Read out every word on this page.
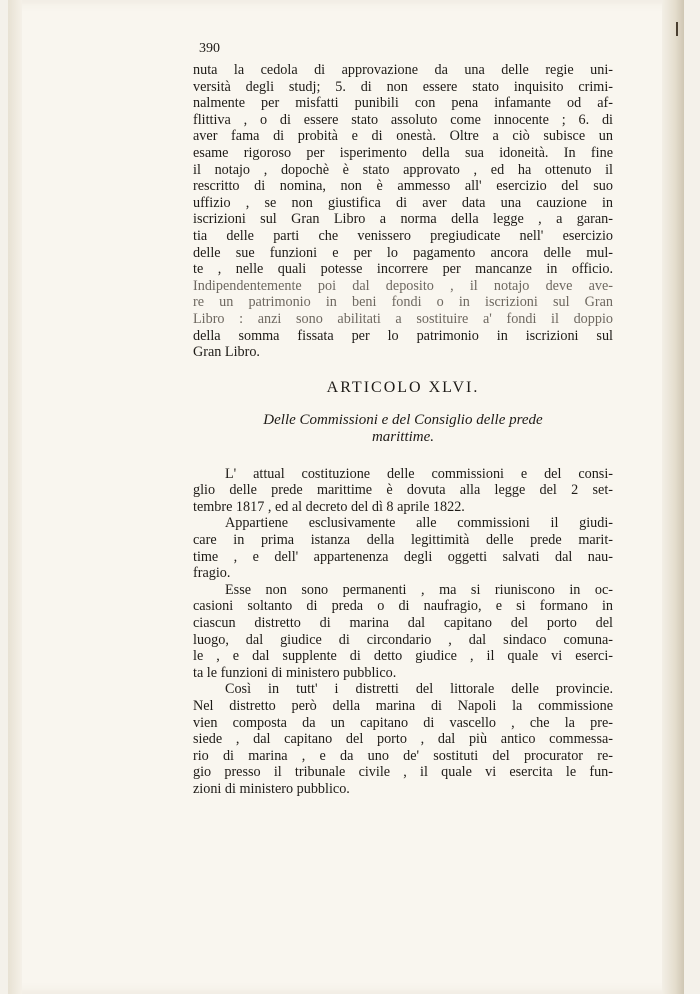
390
nuta la cedola di approvazione da una delle regie uni-
versità degli studj; 5. di non essere stato inquisito crimi-
nalmente per misfatti punibili con pena infamante od af-
flittiva , o di essere stato assoluto come innocente ; 6. di
aver fama di probità e di onestà. Oltre a ciò subisce un
esame rigoroso per isperimento della sua idoneità. In fine
il notajo , dopochè è stato approvato , ed ha ottenuto il
rescritto di nomina, non è ammesso all' esercizio del suo
uffizio , se non giustifica di aver data una cauzione in
iscrizioni sul Gran Libro a norma della legge , a garan-
tia delle parti che venissero pregiudicate nell' esercizio
delle sue funzioni e per lo pagamento ancora delle mul-
te , nelle quali potesse incorrere per mancanze in officio.
Indipendentemente poi dal deposito , il notajo deve ave-
re un patrimonio in beni fondi o in iscrizioni sul Gran
Libro : anzi sono abilitati a sostituire a' fondi il doppio
della somma fissata per lo patrimonio in iscrizioni sul
Gran Libro.
ARTICOLO XLVI.
Delle Commissioni e del Consiglio delle prede
marittime.
L' attual costituzione delle commissioni e del consi-
glio delle prede marittime è dovuta alla legge del 2 set-
tembre 1817 , ed al decreto del dì 8 aprile 1822.
Appartiene esclusivamente alle commissioni il giudi-
care in prima istanza della legittimità delle prede marit-
time , e dell' appartenenza degli oggetti salvati dal nau-
fragio.
Esse non sono permanenti , ma si riuniscono in oc-
casioni soltanto di preda o di naufragio, e si formano in
ciascun distretto di marina dal capitano del porto del
luogo, dal giudice di circondario , dal sindaco comuna-
le , e dal supplente di detto giudice , il quale vi eserci-
ta le funzioni di ministero pubblico.
Così in tutt' i distretti del littorale delle provincie.
Nel distretto però della marina di Napoli la commissione
vien composta da un capitano di vascello , che la pre-
siede , dal capitano del porto , dal più antico commessa-
rio di marina , e da uno de' sostituti del procurator re-
gio presso il tribunale civile , il quale vi esercita le fun-
zioni di ministero pubblico.
